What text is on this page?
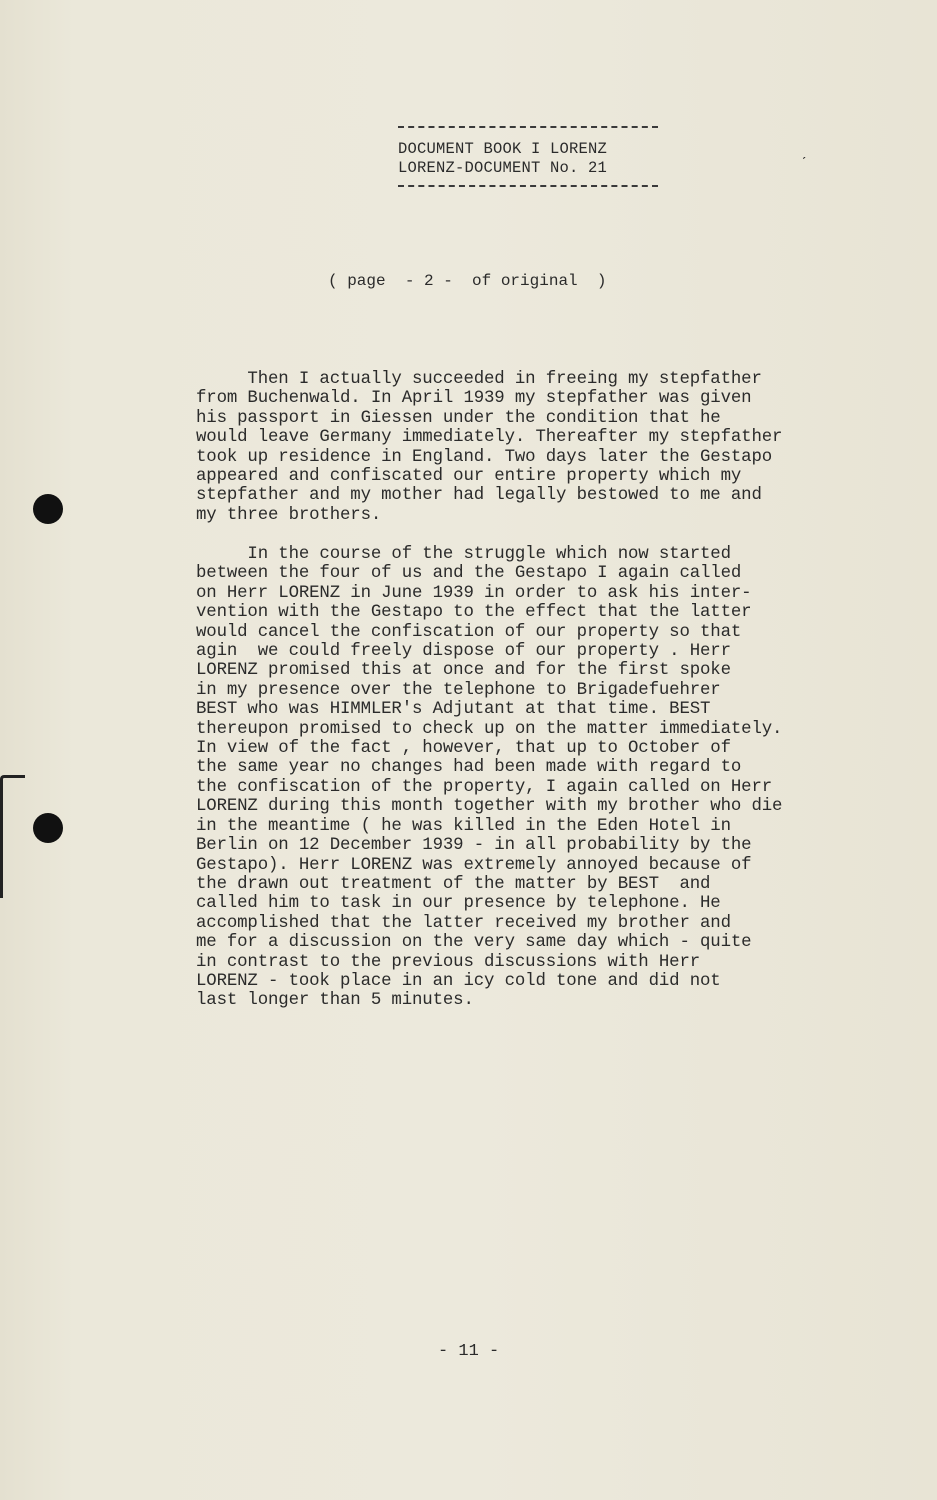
DOCUMENT BOOK I LORENZ
LORENZ-DOCUMENT No. 21	ˊ
( page  - 2 -  of original  )
Then I actually succeeded in freeing my stepfather
from Buchenwald. In April 1939 my stepfather was given
his passport in Giessen under the condition that he
would leave Germany immediately. Thereafter my stepfather
took up residence in England. Two days later the Gestapo
appeared and confiscated our entire property which my
stepfather and my mother had legally bestowed to me and
my three brothers.
In the course of the struggle which now started
between the four of us and the Gestapo I again called
on Herr LORENZ in June 1939 in order to ask his inter-
vention with the Gestapo to the effect that the latter
would cancel the confiscation of our property so that
agin  we could freely dispose of our property . Herr
LORENZ promised this at once and for the first spoke
in my presence over the telephone to Brigadefuehrer
BEST who was HIMMLER's Adjutant at that time. BEST
thereupon promised to check up on the matter immediately.
In view of the fact , however, that up to October of
the same year no changes had been made with regard to
the confiscation of the property, I again called on Herr
LORENZ during this month together with my brother who die
in the meantime ( he was killed in the Eden Hotel in
Berlin on 12 December 1939 - in all probability by the
Gestapo). Herr LORENZ was extremely annoyed because of
the drawn out treatment of the matter by BEST  and
called him to task in our presence by telephone. He
accomplished that the latter received my brother and
me for a discussion on the very same day which - quite
in contrast to the previous discussions with Herr
LORENZ - took place in an icy cold tone and did not
last longer than 5 minutes.
- 11 -
